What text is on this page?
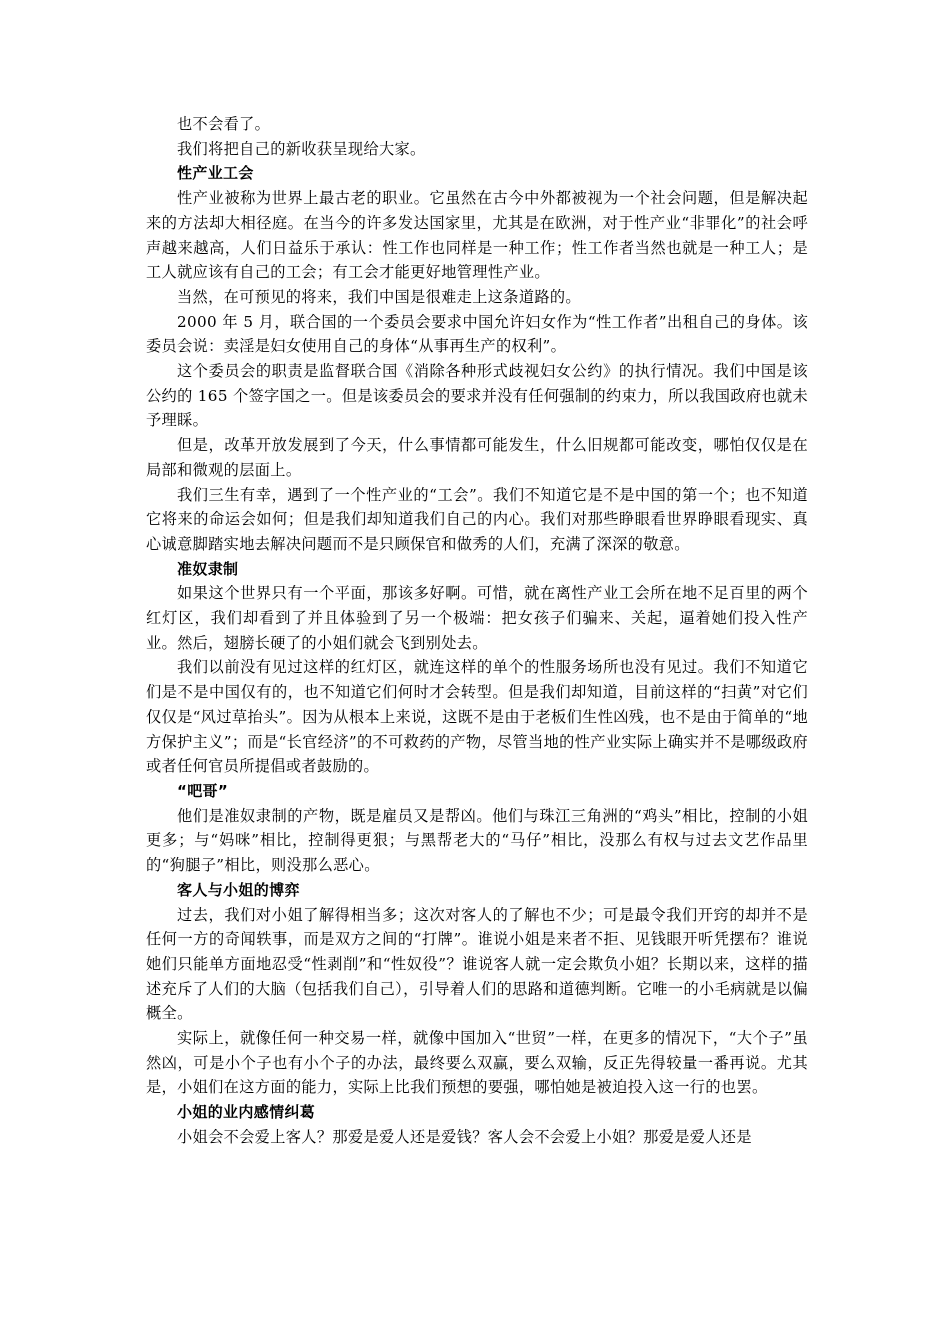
也不会看了。

我们将把自己的新收获呈现给大家。

性产业工会

性产业被称为世界上最古老的职业。它虽然在古今中外都被视为一个社会问题，但是解决起来的方法却大相径庭。在当今的许多发达国家里，尤其是在欧洲，对于性产业“非罪化”的社会呼声越来越高，人们日益乐于承认：性工作也同样是一种工作；性工作者当然也就是一种工人；是工人就应该有自己的工会；有工会才能更好地管理性产业。

当然，在可预见的将来，我们中国是很难走上这条道路的。

2000 年 5 月，联合国的一个委员会要求中国允许妇女作为“性工作者”出租自己的身体。该委员会说：卖淫是妇女使用自己的身体“从事再生产的权利”。

这个委员会的职责是监督联合国《消除各种形式歧视妇女公约》的执行情况。我们中国是该公约的 165 个签字国之一。但是该委员会的要求并没有任何强制的约束力，所以我国政府也就未予理睬。

但是，改革开放发展到了今天，什么事情都可能发生，什么旧规都可能改变，哪怕仅仅是在局部和微观的层面上。

我们三生有幸，遇到了一个性产业的“工会”。我们不知道它是不是中国的第一个；也不知道它将来的命运会如何；但是我们却知道我们自己的内心。我们对那些睁眼看世界睁眼看现实、真心诚意脚踏实地去解决问题而不是只顾保官和做秀的人们，充满了深深的敬意。

准奴隶制

如果这个世界只有一个平面，那该多好啊。可惜，就在离性产业工会所在地不足百里的两个红灯区，我们却看到了并且体验到了另一个极端：把女孩子们骗来、关起，逼着她们投入性产业。然后，翅膀长硬了的小姐们就会飞到别处去。

我们以前没有见过这样的红灯区，就连这样的单个的性服务场所也没有见过。我们不知道它们是不是中国仅有的，也不知道它们何时才会转型。但是我们却知道，目前这样的“扫黄”对它们仅仅是“风过草抬头”。因为从根本上来说，这既不是由于老板们生性凶残，也不是由于简单的“地方保护主义”；而是“长官经济”的不可救药的产物，尽管当地的性产业实际上确实并不是哪级政府或者任何官员所提倡或者鼓励的。

“吧哥”

他们是准奴隶制的产物，既是雇员又是帮凶。他们与珠江三角洲的“鸡头”相比，控制的小姐更多；与“妈咪”相比，控制得更狠；与黑帮老大的“马仔”相比，没那么有权与过去文艺作品里的“狗腿子”相比，则没那么恶心。

客人与小姐的博弈

过去，我们对小姐了解得相当多；这次对客人的了解也不少；可是最令我们开窍的却并不是任何一方的奇闻轶事，而是双方之间的“打牌”。谁说小姐是来者不拒、见钱眼开听凭摆布？谁说她们只能单方面地忍受“性剥削”和“性奴役”？谁说客人就一定会欺负小姐？长期以来，这样的描述充斥了人们的大脑（包括我们自己），引导着人们的思路和道德判断。它唯一的小毛病就是以偏概全。

实际上，就像任何一种交易一样，就像中国加入“世贸”一样，在更多的情况下，“大个子”虽然凶，可是小个子也有小个子的办法，最终要么双赢，要么双输，反正先得较量一番再说。尤其是，小姐们在这方面的能力，实际上比我们预想的要强，哪怕她是被迫投入这一行的也罢。

小姐的业内感情纠葛

小姐会不会爱上客人？那爱是爱人还是爱钱？客人会不会爱上小姐？那爱是爱人还是
